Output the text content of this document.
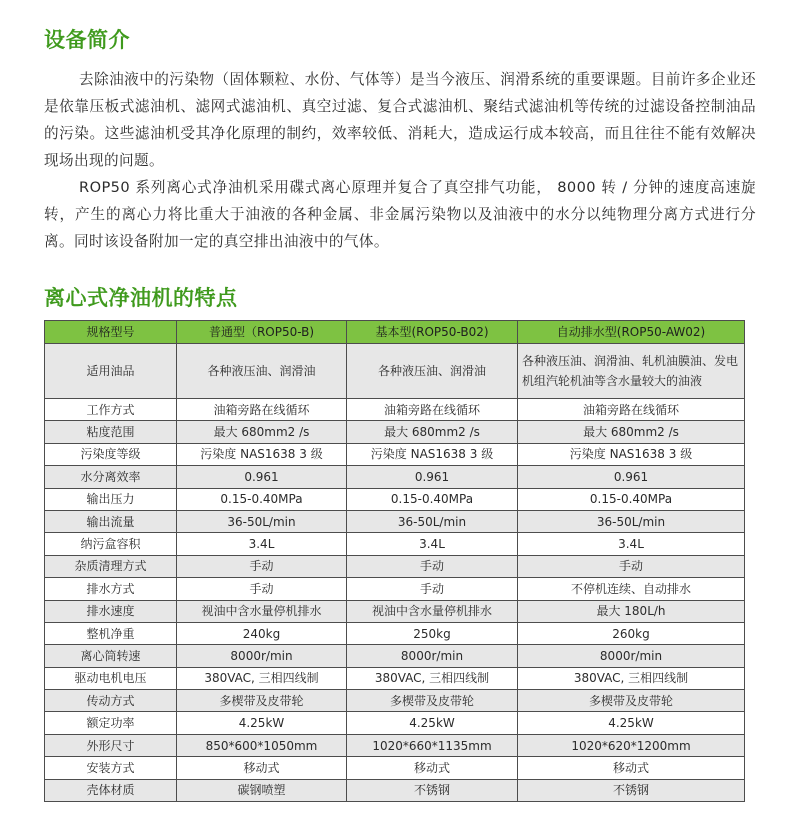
设备简介

去除油液中的污染物（固体颗粒、水份、气体等）是当今液压、润滑系统的重要课题。目前许多企业还是依靠压板式滤油机、滤网式滤油机、真空过滤、复合式滤油机、聚结式滤油机等传统的过滤设备控制油品的污染。这些滤油机受其净化原理的制约，效率较低、消耗大，造成运行成本较高，而且往往不能有效解决现场出现的问题。

ROP50 系列离心式净油机采用碟式离心原理并复合了真空排气功能， 8000 转 / 分钟的速度高速旋转，产生的离心力将比重大于油液的各种金属、非金属污染物以及油液中的水分以纯物理分离方式进行分离。同时该设备附加一定的真空排出油液中的气体。

离心式净油机的特点
规格型号	普通型（ROP50-B)	基本型(ROP50-B02)	自动排水型(ROP50-AW02)
适用油品	各种液压油、润滑油	各种液压油、润滑油	各种液压油、润滑油、轧机油膜油、发电机组汽轮机油等含水量较大的油液
工作方式	油箱旁路在线循环	油箱旁路在线循环	油箱旁路在线循环
粘度范围	最大 680mm2 /s	最大 680mm2 /s	最大 680mm2 /s
污染度等级	污染度 NAS1638 3 级	污染度 NAS1638 3 级	污染度 NAS1638 3 级
水分离效率	0.961	0.961	0.961
输出压力	0.15-0.40MPa	0.15-0.40MPa	0.15-0.40MPa
输出流量	36-50L/min	36-50L/min	36-50L/min
纳污盒容积	3.4L	3.4L	3.4L
杂质清理方式	手动	手动	手动
排水方式	手动	手动	不停机连续、自动排水
排水速度	视油中含水量停机排水	视油中含水量停机排水	最大 180L/h
整机净重	240kg	250kg	260kg
离心筒转速	8000r/min	8000r/min	8000r/min
驱动电机电压	380VAC, 三相四线制	380VAC, 三相四线制	380VAC, 三相四线制
传动方式	多楔带及皮带轮	多楔带及皮带轮	多楔带及皮带轮
额定功率	4.25kW	4.25kW	4.25kW
外形尺寸	850*600*1050mm	1020*660*1135mm	1020*620*1200mm
安装方式	移动式	移动式	移动式
壳体材质	碳钢喷塑	不锈钢	不锈钢
